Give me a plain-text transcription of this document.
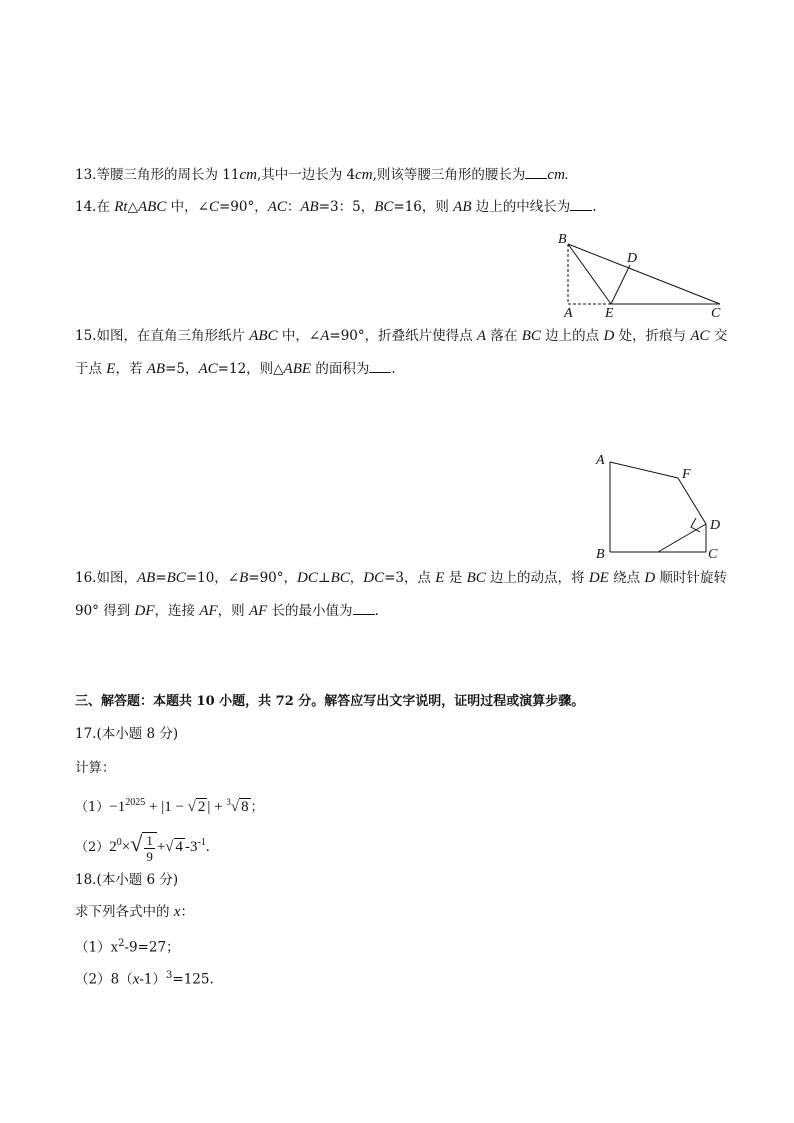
13.等腰三角形的周长为 11cm,其中一边长为 4cm,则该等腰三角形的腰长为 cm.
14.在 Rt△ABC 中，∠C=90°，AC：AB=3：5，BC=16，则 AB 边上的中线长为 .
B
D
A E	C
15.如图，在直角三角形纸片 ABC 中，∠A=90°，折叠纸片使得点 A 落在 BC 边上的点 D 处，折痕与 AC 交
于点 E，若 AB=5，AC=12，则△ABE 的面积为 .
A
F
D
B	C
16.如图，AB=BC=10，∠B=90°，DC⊥BC，DC=3，点 E 是 BC 边上的动点，将 DE 绕点 D 顺时针旋转
90° 得到 DF，连接 AF，则 AF 长的最小值为 .
三、解答题：本题共 10 小题，共 72 分。解答应写出文字说明，证明过程或演算步骤。
17.(本小题 8 分)
计算：
$(1)-1^{2025} + |1$ − √ 2 | + $^3$√ 8 ；
$(2)2^0\times√ \frac{1}{9}$ +√ 4 $-3^{-1}$.
18.(本小题 6 分)
求下列各式中的 x：
$(1)x^2-9=27$；
$(2)8(x-1)^3=125$.
